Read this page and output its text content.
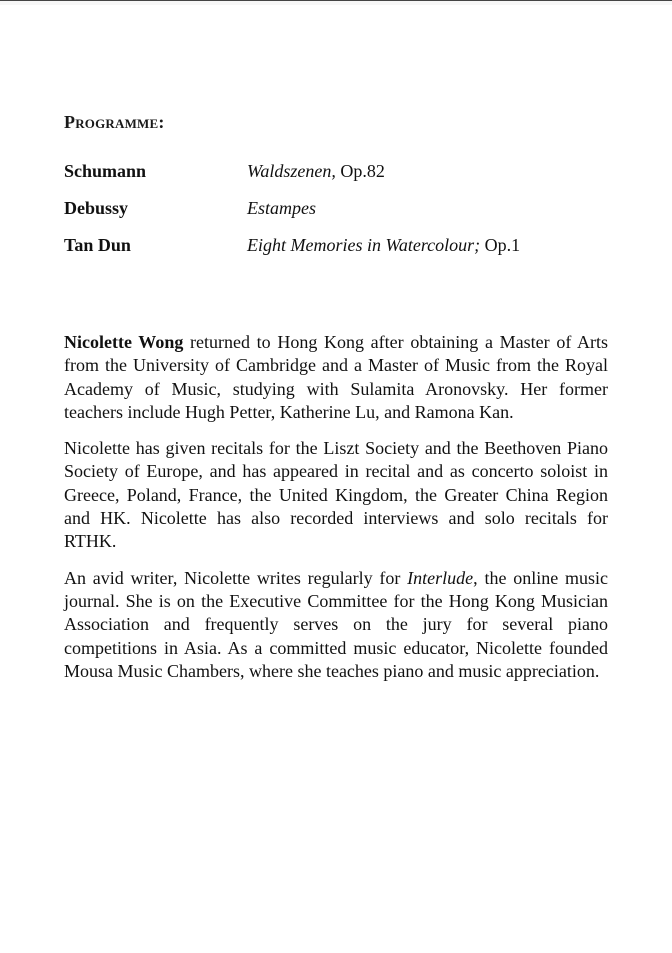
Programme:
Schumann	Waldszenen, Op.82
Debussy	Estampes
Tan Dun	Eight Memories in Watercolour; Op.1

Nicolette Wong returned to Hong Kong after obtaining a Master of Arts from the University of Cambridge and a Master of Music from the Royal Academy of Music, studying with Sulamita Aronovsky. Her former teachers include Hugh Petter, Katherine Lu, and Ramona Kan.

Nicolette has given recitals for the Liszt Society and the Beethoven Piano Society of Europe, and has appeared in recital and as concerto soloist in Greece, Poland, France, the United Kingdom, the Greater China Region and HK. Nicolette has also recorded interviews and solo recitals for RTHK.

An avid writer, Nicolette writes regularly for Interlude, the online music journal. She is on the Executive Committee for the Hong Kong Musician Association and frequently serves on the jury for several piano competitions in Asia. As a committed music educator, Nicolette founded Mousa Music Chambers, where she teaches piano and music appreciation.
